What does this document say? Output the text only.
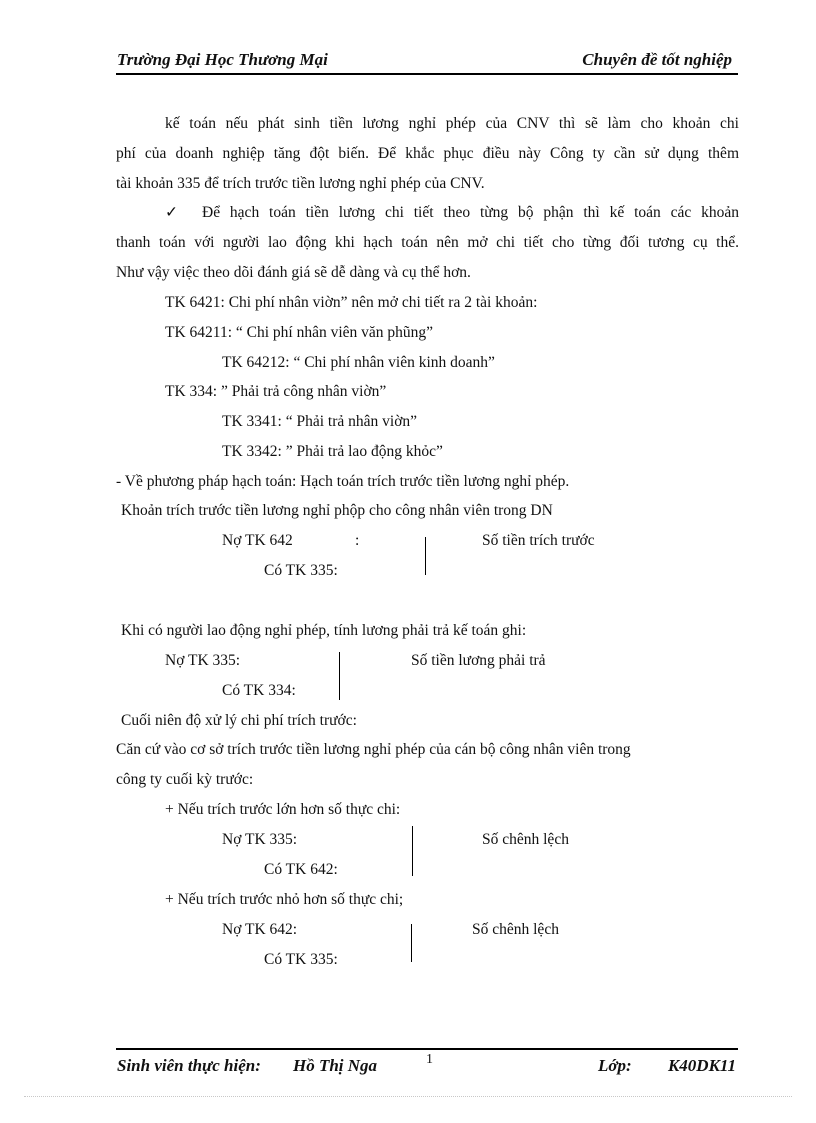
Trường Đại Học Thương Mại	Chuyên đề tốt nghiệp
kế toán nếu phát sinh tiền lương nghỉ phép của CNV thì sẽ làm cho khoản chi
phí của doanh nghiệp tăng đột biến. Để khắc phục điều này Công ty cần sử dụng thêm
tài khoản 335 để trích trước tiền lương nghỉ phép của CNV.
✓ Để hạch toán tiền lương chi tiết theo từng bộ phận thì kế toán các khoản
thanh toán với người lao động khi hạch toán nên mở chi tiết cho từng đối tương cụ thể.
Như vậy việc theo dõi đánh giá sẽ dễ dàng và cụ thể hơn.
TK 6421: Chi phí nhân viờn” nên mở chi tiết ra 2 tài khoản:
TK 64211: “ Chi phí nhân viên văn phũng”
TK 64212: “ Chi phí nhân viên kinh doanh”
TK 334: ” Phải trả công nhân viờn”
TK 3341: “ Phải trả nhân viờn”
TK 3342: ” Phải trả lao động khỏc”
- Về phương pháp hạch toán: Hạch toán trích trước tiền lương nghỉ phép.
Khoản trích trước tiền lương nghỉ phộp cho công nhân viên trong DN
Nợ TK 642	:	Số tiền trích trước
Có TK 335:
Khi có người lao động nghỉ phép, tính lương phải trả kế toán ghi:
Nợ TK 335:	Số tiền lương phải trả
Có TK 334:
Cuối niên độ xử lý chi phí trích trước:
Căn cứ vào cơ sở trích trước tiền lương nghỉ phép của cán bộ công nhân viên trong
công ty cuối kỳ trước:
+ Nếu trích trước lớn hơn số thực chi:
Nợ TK 335:	Số chênh lệch
Có TK 642:
+ Nếu trích trước nhỏ hơn số thực chi;
Nợ TK 642:	Số chênh lệch
Có TK 335:
Sinh viên thực hiện: Hồ Thị Nga	1	Lớp: K40DK11
